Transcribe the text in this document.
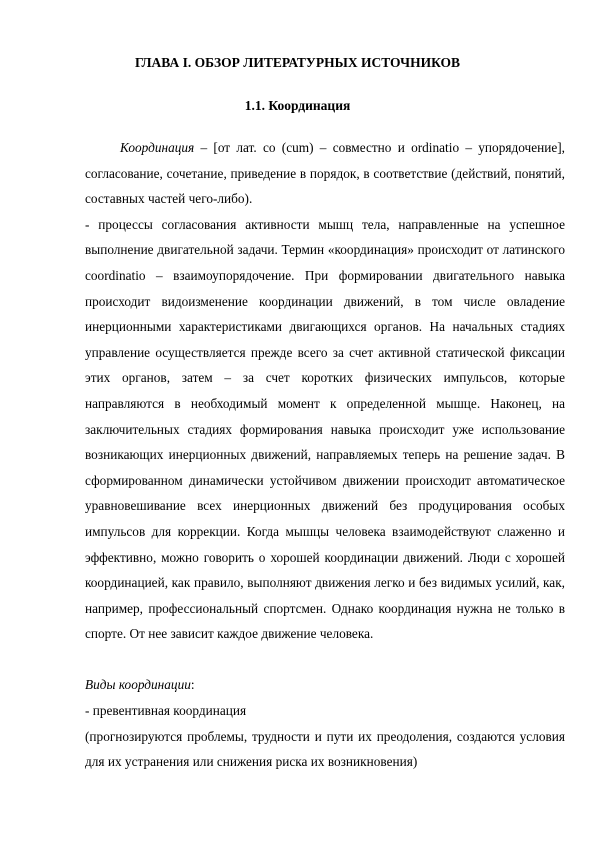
ГЛАВА I. ОБЗОР ЛИТЕРАТУРНЫХ ИСТОЧНИКОВ
1.1. Координация

Координация – [от лат. со (cum) – совместно и ordinatio – упорядочение], согласование, сочетание, приведение в порядок, в соответствие (действий, понятий, составных частей чего-либо).

- процессы согласования активности мышц тела, направленные на успешное выполнение двигательной задачи. Термин «координация» происходит от латинского coordinatio – взаимоупорядочение. При формировании двигательного навыка происходит видоизменение координации движений, в том числе овладение инерционными характеристиками двигающихся органов. На начальных стадиях управление осуществляется прежде всего за счет активной статической фиксации этих органов, затем – за счет коротких физических импульсов, которые направляются в необходимый момент к определенной мышце. Наконец, на заключительных стадиях формирования навыка происходит уже использование возникающих инерционных движений, направляемых теперь на решение задач. В сформированном динамически устойчивом движении происходит автоматическое уравновешивание всех инерционных движений без продуцирования особых импульсов для коррекции. Когда мышцы человека взаимодействуют слаженно и эффективно, можно говорить о хорошей координации движений. Люди с хорошей координацией, как правило, выполняют движения легко и без видимых усилий, как, например, профессиональный спортсмен. Однако координация нужна не только в спорте. От нее зависит каждое движение человека.

Виды координации:

- превентивная координация

(прогнозируются проблемы, трудности и пути их преодоления, создаются условия для их устранения или снижения риска их возникновения)
